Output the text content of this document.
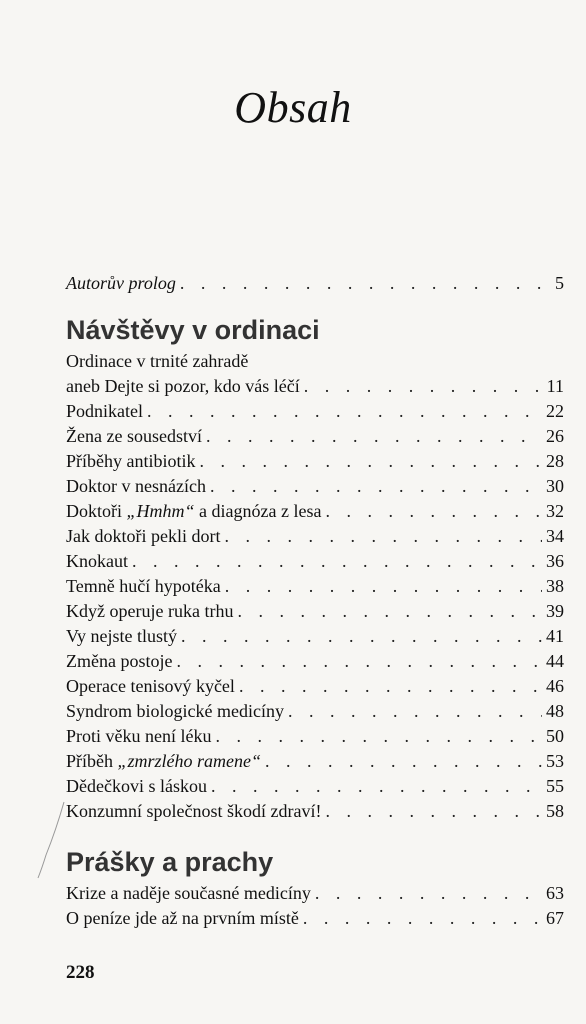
Obsah
Autorův prolog . . .	5
Návštěvy v ordinaci
Ordinace v trnité zahradě
aneb Dejte si pozor, kdo vás léčí . . .	11
Podnikatel . . .	22
Žena ze sousedství . . .	26
Příběhy antibiotik . . .	28
Doktor v nesnázích . . .	30
Doktoři „Hmhm“ a diagnóza z lesa . . .	32
Jak doktoři pekli dort . . .	34
Knokaut . . .	36
Temně hučí hypotéka . . .	38
Když operuje ruka trhu . . .	39
Vy nejste tlustý . . .	41
Změna postoje . . .	44
Operace tenisový kyčel . . .	46
Syndrom biologické medicíny . . .	48
Proti věku není léku . . .	50
Příběh „zmrzlého ramene“ . . .	53
Dědečkovi s láskou . . .	55
Konzumní společnost škodí zdraví! . . .	58
Prášky a prachy
Krize a naděje současné medicíny . . .	63
O peníze jde až na prvním místě . . .	67
228
